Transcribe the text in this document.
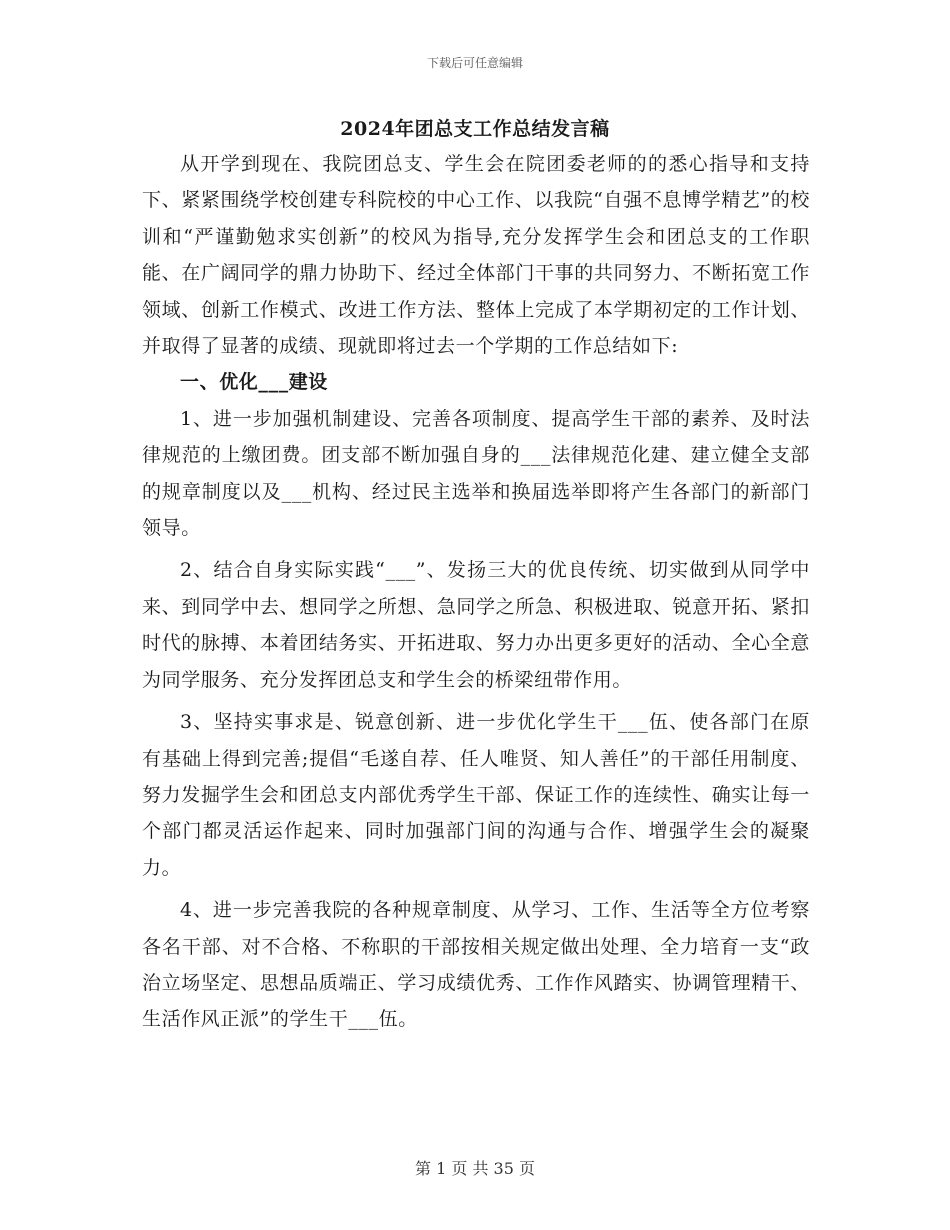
下载后可任意编辑
2024年团总支工作总结发言稿

从开学到现在、我院团总支、学生会在院团委老师的的悉心指导和支持下、紧紧围绕学校创建专科院校的中心工作、以我院“自强不息博学精艺”的校训和“严谨勤勉求实创新”的校风为指导,充分发挥学生会和团总支的工作职能、在广阔同学的鼎力协助下、经过全体部门干事的共同努力、不断拓宽工作领域、创新工作模式、改进工作方法、整体上完成了本学期初定的工作计划、并取得了显著的成绩、现就即将过去一个学期的工作总结如下:

一、优化___建设

1、进一步加强机制建设、完善各项制度、提高学生干部的素养、及时法律规范的上缴团费。团支部不断加强自身的___法律规范化建、建立健全支部的规章制度以及___机构、经过民主选举和换届选举即将产生各部门的新部门领导。

2、结合自身实际实践“___”、发扬三大的优良传统、切实做到从同学中来、到同学中去、想同学之所想、急同学之所急、积极进取、锐意开拓、紧扣时代的脉搏、本着团结务实、开拓进取、努力办出更多更好的活动、全心全意为同学服务、充分发挥团总支和学生会的桥梁纽带作用。

3、坚持实事求是、锐意创新、进一步优化学生干___伍、使各部门在原有基础上得到完善;提倡“毛遂自荐、任人唯贤、知人善任”的干部任用制度、努力发掘学生会和团总支内部优秀学生干部、保证工作的连续性、确实让每一个部门都灵活运作起来、同时加强部门间的沟通与合作、增强学生会的凝聚力。

4、进一步完善我院的各种规章制度、从学习、工作、生活等全方位考察各名干部、对不合格、不称职的干部按相关规定做出处理、全力培育一支“政治立场坚定、思想品质端正、学习成绩优秀、工作作风踏实、协调管理精干、生活作风正派”的学生干___伍。

第 1 页 共 35 页
